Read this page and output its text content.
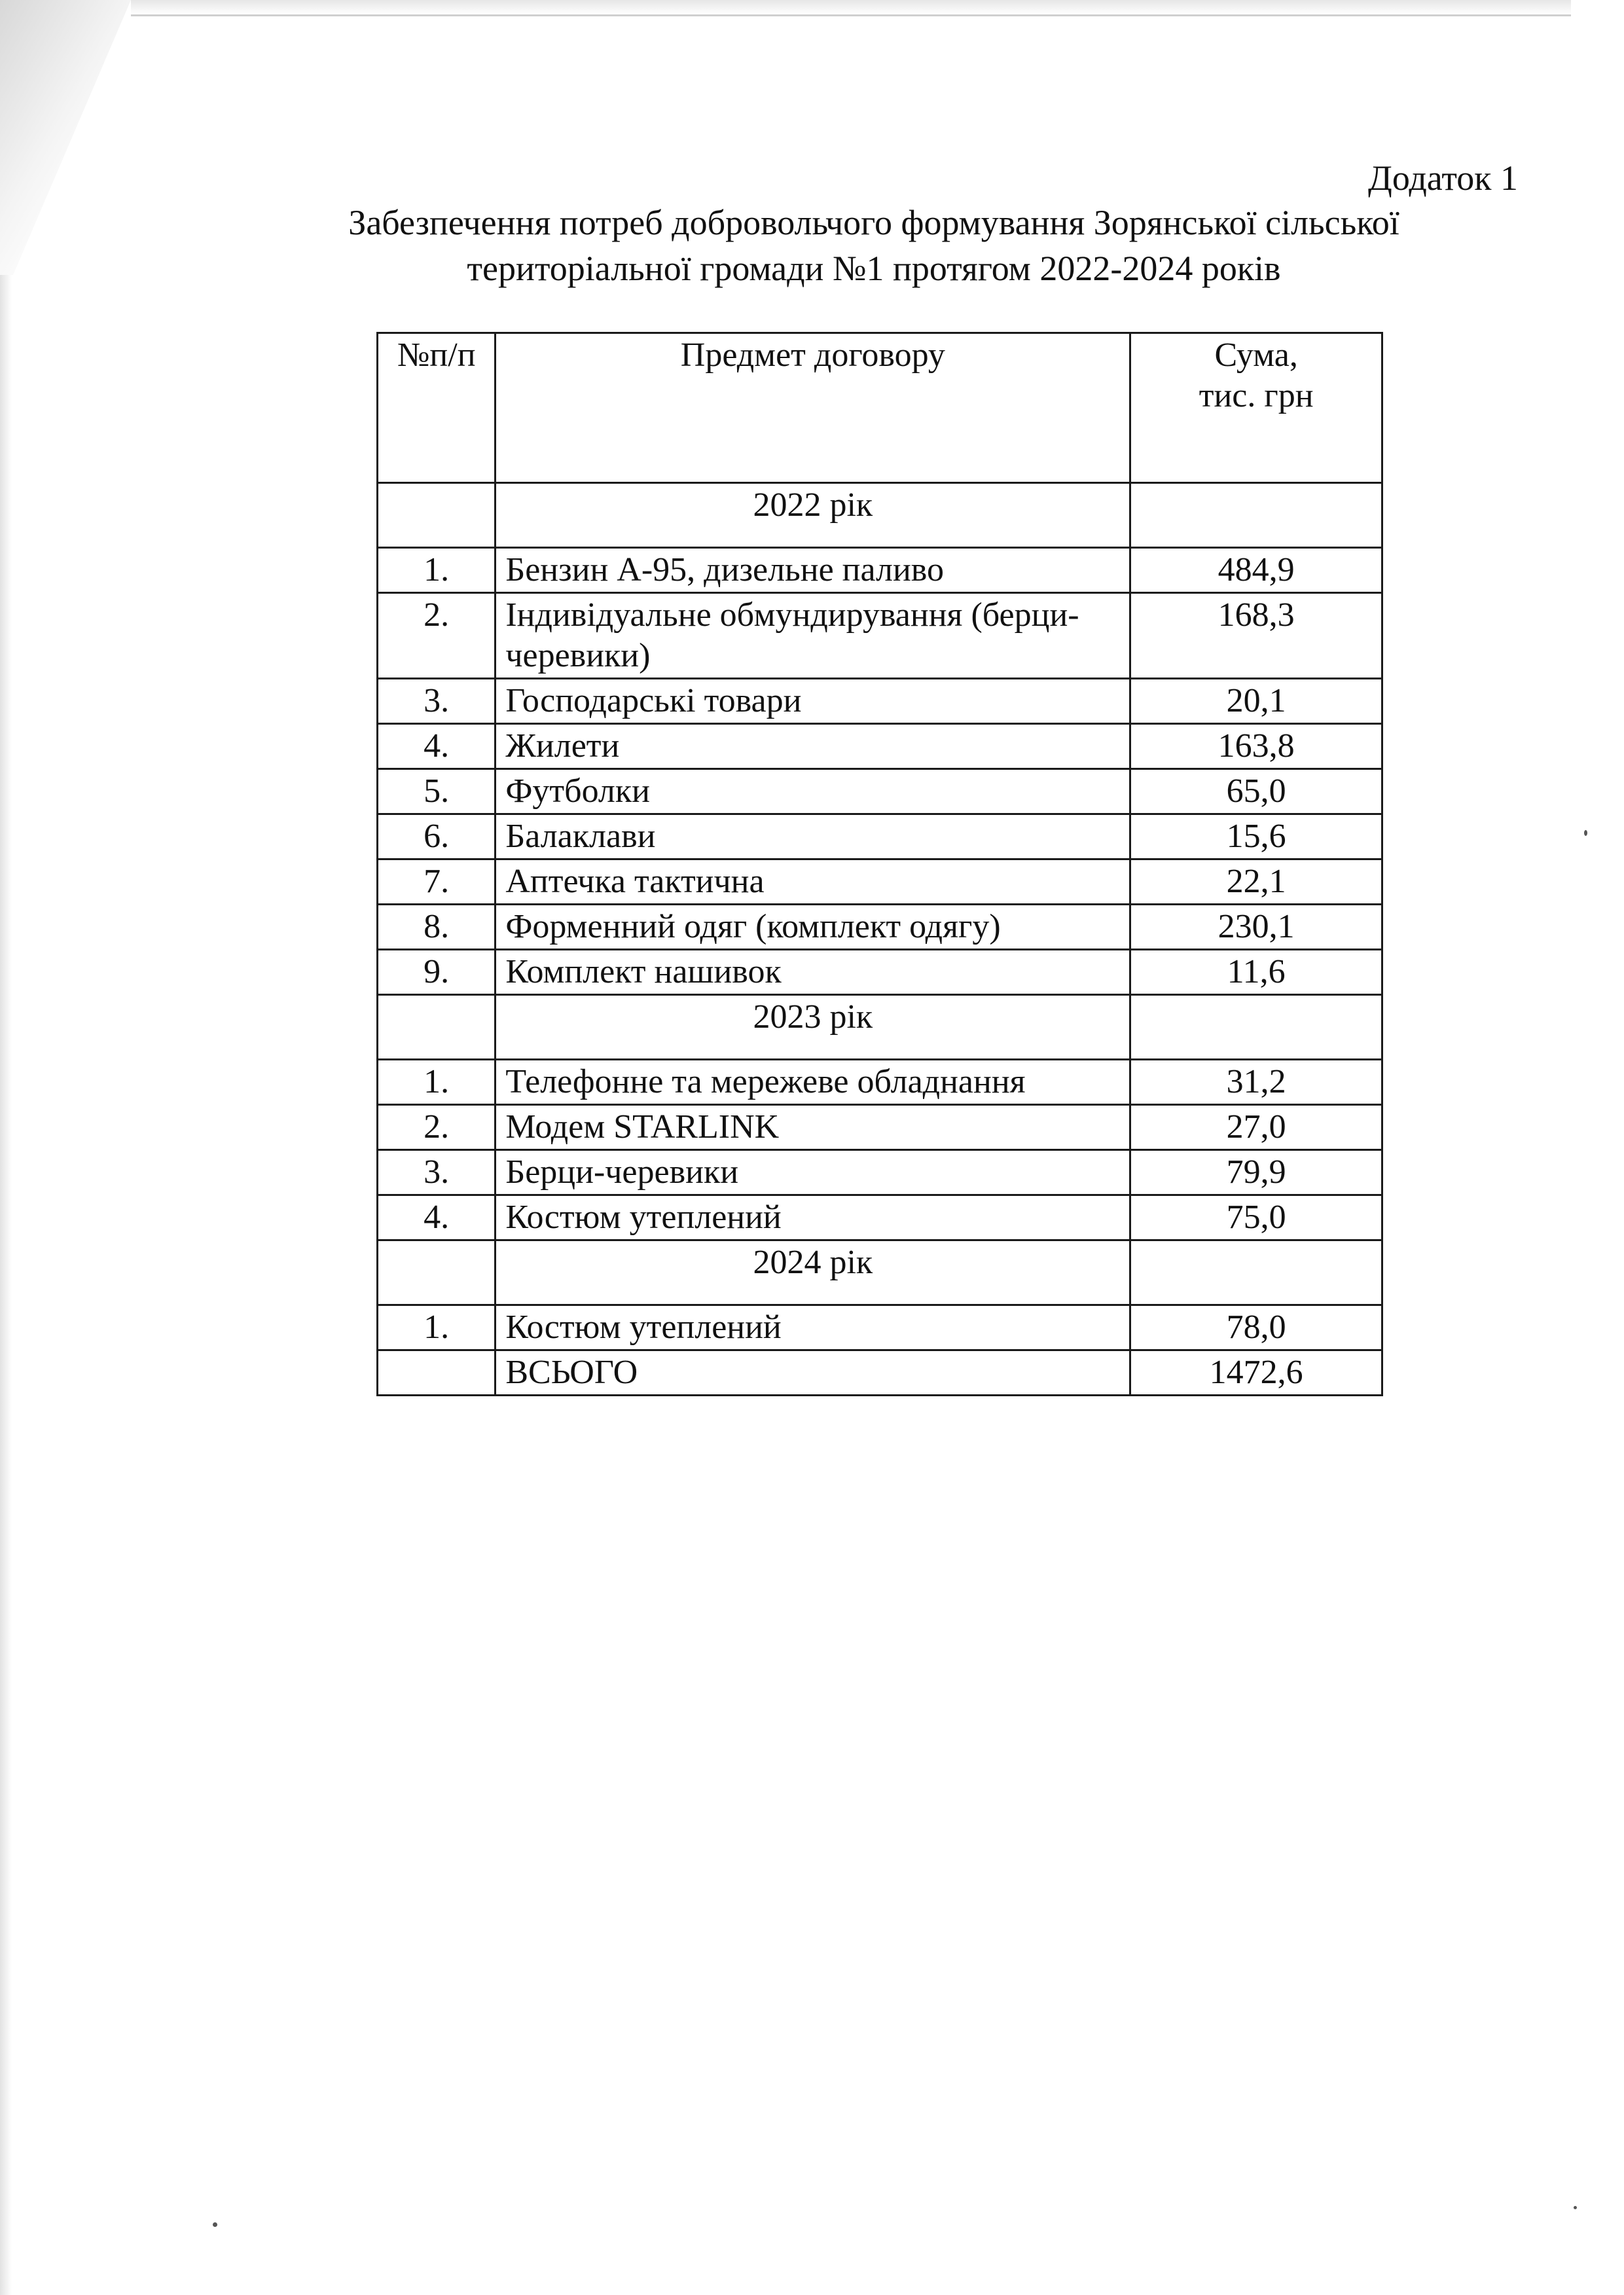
Додаток 1
Забезпечення потреб добровольчого формування Зорянської сільської
територіальної громади №1 протягом 2022-2024 років
№п/п	Предмет договору	Сума,
тис. грн

	2022 рік	
1.	Бензин А-95, дизельне паливо	484,9
2.	Індивідуальне обмундирування (берци-черевики)	168,3
3.	Господарські товари	20,1
4.	Жилети	163,8
5.	Футболки	65,0
6.	Балаклави	15,6
7.	Аптечка тактична	22,1
8.	Форменний одяг (комплект одягу)	230,1
9.	Комплект нашивок	11,6
	2023 рік	
1.	Телефонне та мережеве обладнання	31,2
2.	Модем STARLINK	27,0
3.	Берци-черевики	79,9
4.	Костюм утеплений	75,0
	2024 рік	
1.	Костюм утеплений	78,0
	ВСЬОГО	1472,6
